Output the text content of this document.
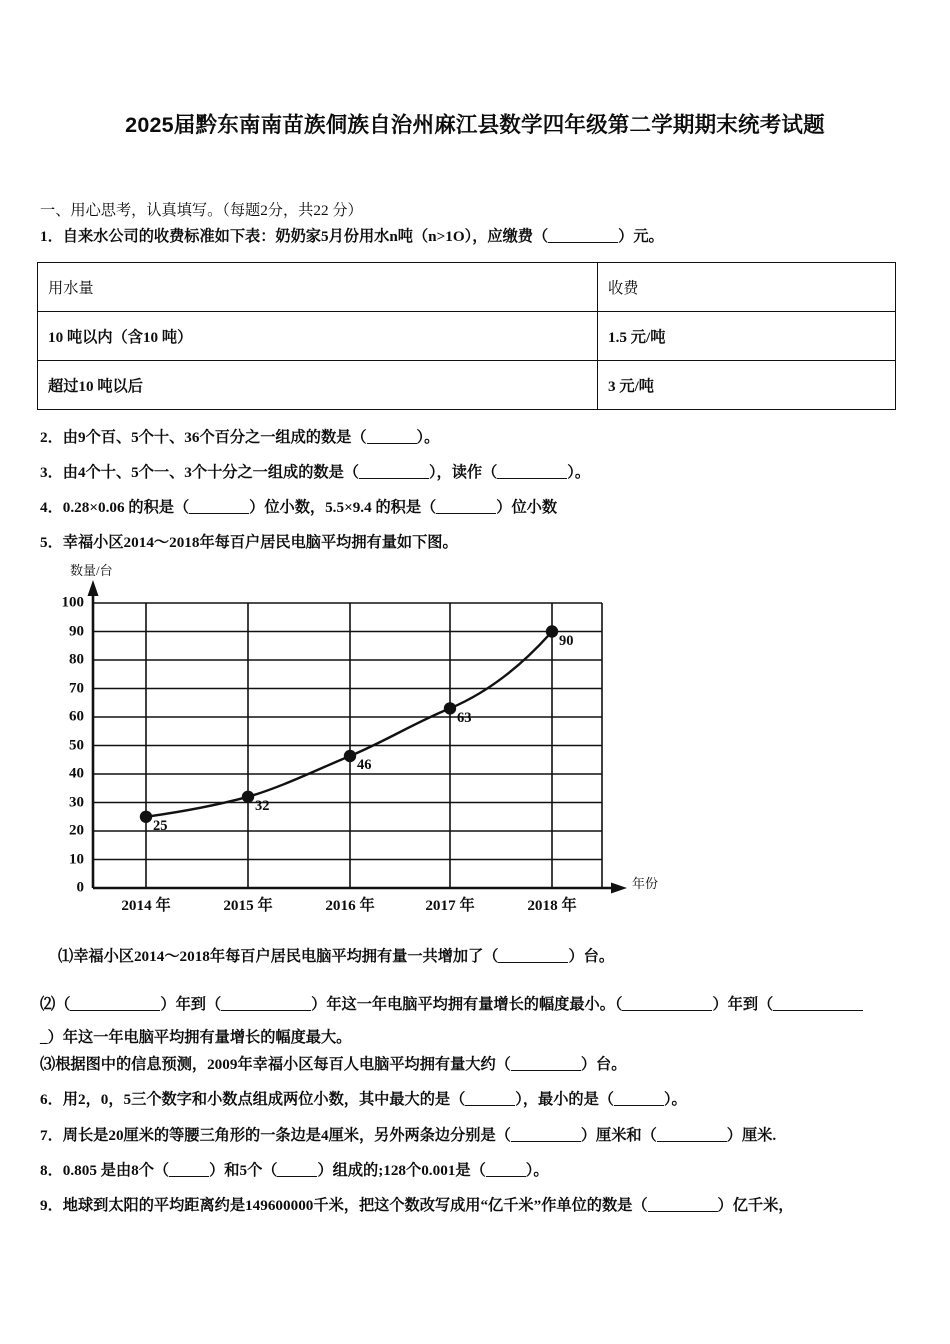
2025届黔东南南苗族侗族自治州麻江县数学四年级第二学期期末统考试题
一、用心思考，认真填写。（每题2分，共22 分）
1．自来水公司的收费标准如下表：奶奶家5月份用水n吨（n>1O），应缴费（	）元。
用水量	收费
10 吨以内（含10 吨）	1.5 元/吨
超过10 吨以后	3 元/吨
2．由9个百、5个十、36个百分之一组成的数是（	）。
3．由4个十、5个一、3个十分之一组成的数是（	），读作（	）。
4．0.28×0.06 的积是（	）位小数，5.5×9.4 的积是（	）位小数
5．幸福小区2014～2018年每百户居民电脑平均拥有量如下图。
数量/台
年份
100
90
80
70
60
50
40
30
20
10
0
2014 年	2015 年	2016 年	2017 年	2018 年
25
32
46
63
90
⑴幸福小区2014～2018年每百户居民电脑平均拥有量一共增加了（	）台。
⑵（	）年到（	）年这一年电脑平均拥有量增长的幅度最小。（	）年到（
_）年这一年电脑平均拥有量增长的幅度最大。
⑶根据图中的信息预测，2009年幸福小区每百人电脑平均拥有量大约（	）台。
6．用2，0，5三个数字和小数点组成两位小数，其中最大的是（	），最小的是（	）。
7．周长是20厘米的等腰三角形的一条边是4厘米，另外两条边分别是（	）厘米和（	）厘米.
8．0.805 是由8个（	）和5个（	）组成的;128个0.001是（	）。
9．地球到太阳的平均距离约是149600000千米，把这个数改写成用“亿千米”作单位的数是（	）亿千米，
